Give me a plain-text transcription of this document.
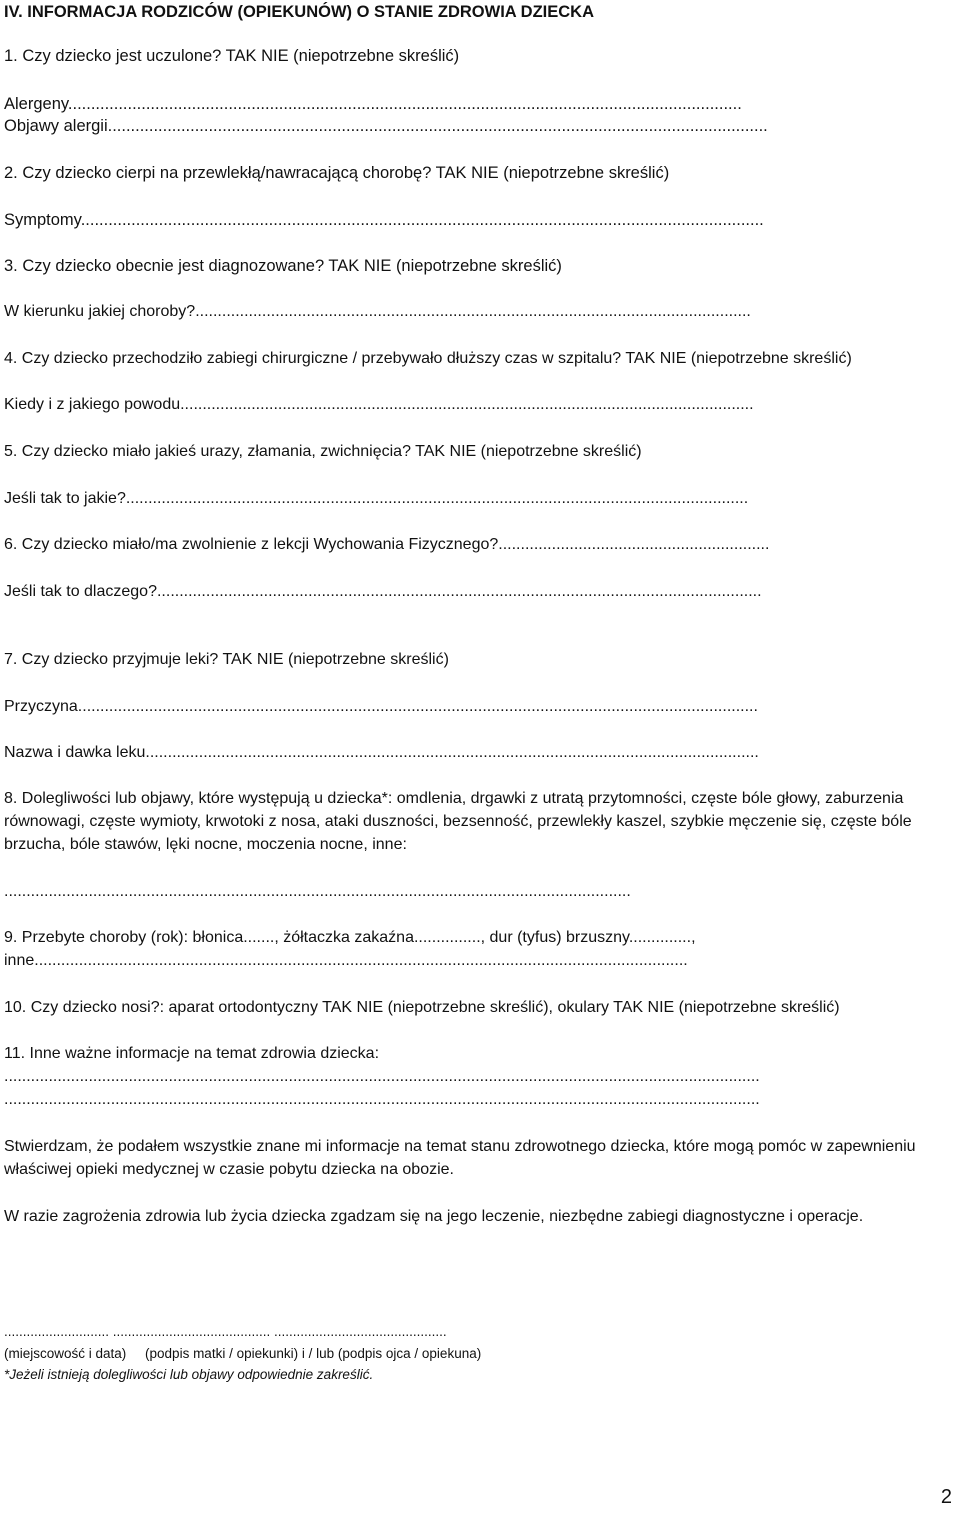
IV. INFORMACJA RODZICÓW (OPIEKUNÓW) O STANIE ZDROWIA DZIECKA
1. Czy dziecko jest uczulone? TAK NIE (niepotrzebne skreślić)
Alergeny...................................................................................................................................................
Objawy alergii................................................................................................................................................
2. Czy dziecko cierpi na przewlekłą/nawracającą chorobę? TAK NIE (niepotrzebne skreślić)
Symptomy.....................................................................................................................................................
3. Czy dziecko obecnie jest diagnozowane? TAK NIE (niepotrzebne skreślić)
W kierunku jakiej choroby?.............................................................................................................................
4. Czy dziecko przechodziło zabiegi chirurgiczne / przebywało dłuższy czas w szpitalu? TAK NIE (niepotrzebne skreślić)
Kiedy i z jakiego powodu.................................................................................................................................
5. Czy dziecko miało jakieś urazy, złamania, zwichnięcia? TAK NIE (niepotrzebne skreślić)
Jeśli tak to jakie?............................................................................................................................................
6. Czy dziecko miało/ma zwolnienie z lekcji Wychowania Fizycznego?.............................................................
Jeśli tak to dlaczego?........................................................................................................................................
7. Czy dziecko przyjmuje leki? TAK NIE (niepotrzebne skreślić)
Przyczyna.........................................................................................................................................................
Nazwa i dawka leku..........................................................................................................................................
8. Dolegliwości lub objawy, które występują u dziecka*: omdlenia, drgawki z utratą przytomności, częste bóle głowy, zaburzenia równowagi, częste wymioty, krwotoki z nosa, ataki duszności, bezsenność, przewlekły kaszel, szybkie męczenie się, częste bóle brzucha, bóle stawów, lęki nocne, moczenia nocne, inne:
.............................................................................................................................................
9. Przebyte choroby (rok): błonica......., żółtaczka zakaźna..............., dur (tyfus) brzuszny..............,
inne...................................................................................................................................................
10. Czy dziecko nosi?: aparat ortodontyczny TAK NIE (niepotrzebne skreślić), okulary TAK NIE (niepotrzebne skreślić)
11. Inne ważne informacje na temat zdrowia dziecka:
..........................................................................................................................................................................
..........................................................................................................................................................................
Stwierdzam, że podałem wszystkie znane mi informacje na temat stanu zdrowotnego dziecka, które mogą pomóc w zapewnieniu właściwej opieki medycznej w czasie pobytu dziecka na obozie.
W razie zagrożenia zdrowia lub życia dziecka zgadzam się na jego leczenie, niezbędne zabiegi diagnostyczne i operacje.
............................ .......................................... ..............................................
(miejscowość i data)     (podpis matki / opiekunki) i / lub (podpis ojca / opiekuna)
*Jeżeli istnieją dolegliwości lub objawy odpowiednie zakreślić.
2
